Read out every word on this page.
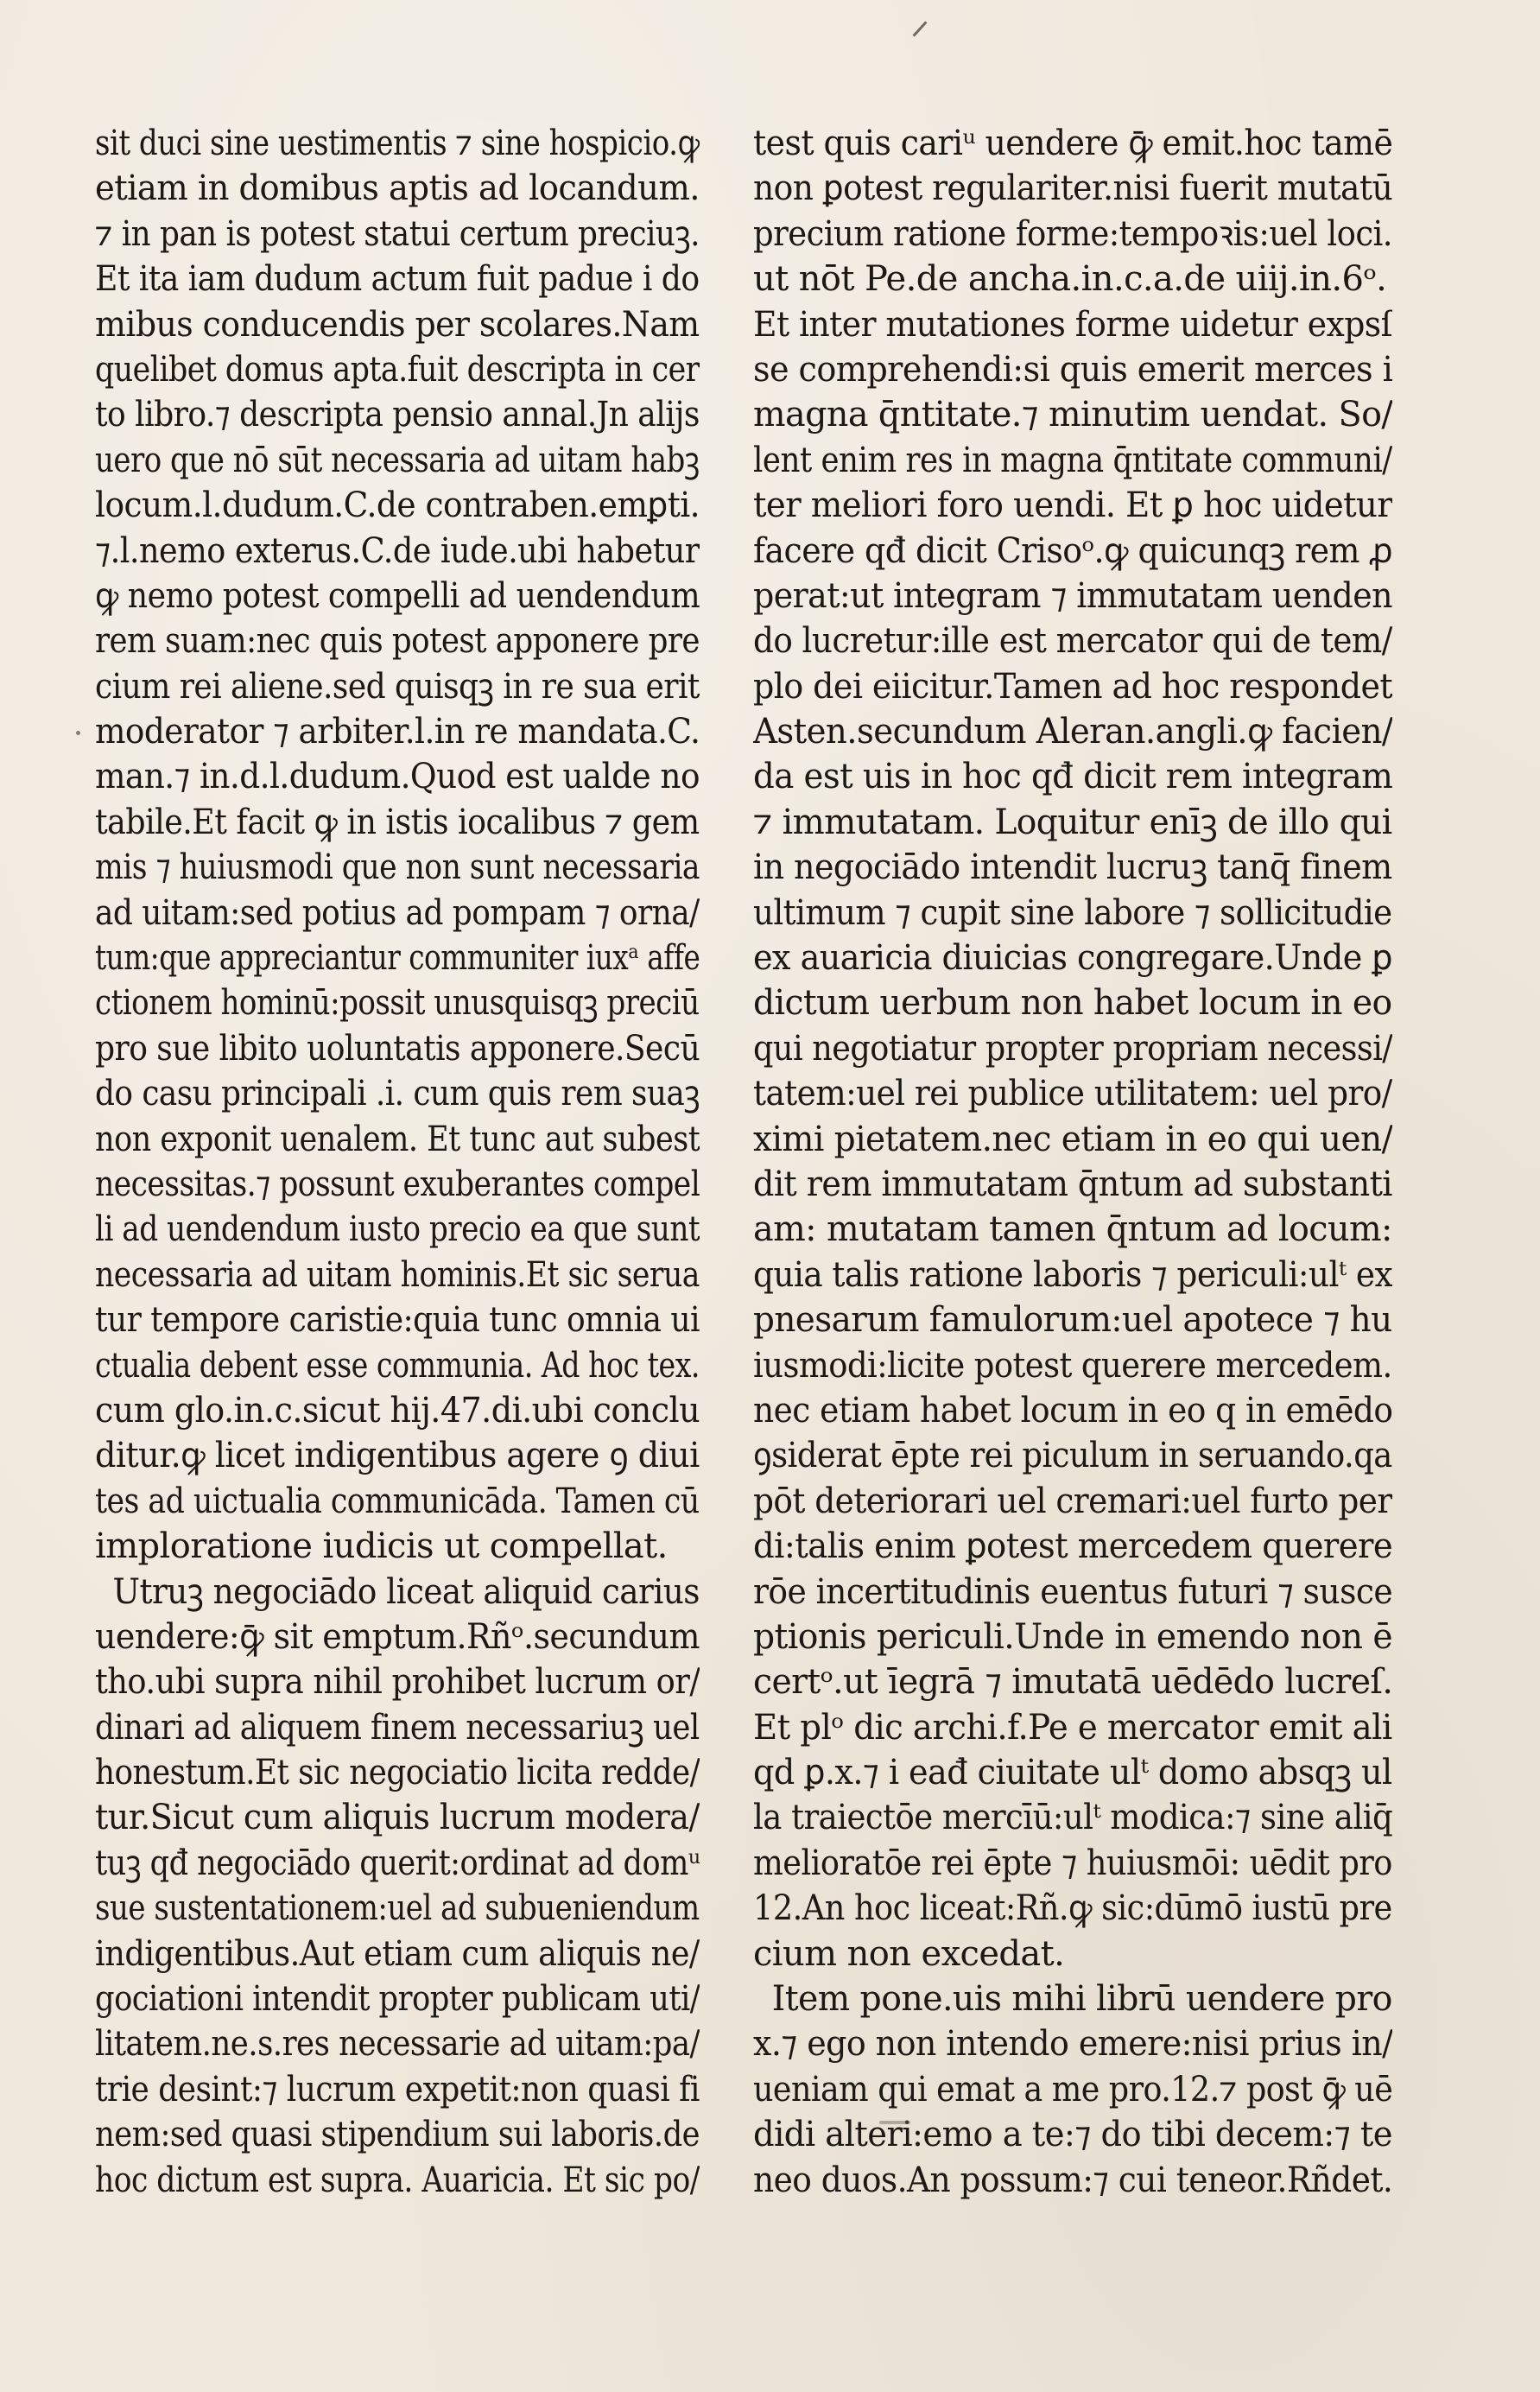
sit duci sine uestimentis ⁊ sine hospicio.ꝙ
etiam in domibus aptis ad locandum.
⁊ in pan is potest statui certum preciuꝫ.
Et ita iam dudum actum fuit padue i do
mibus conducendis per scolares.Nam
quelibet domus apta.fuit descripta in cer
to libro.⁊ descripta pensio annal.Jn alijs
uero que nō sūt necessaria ad uitam habꝫ
locum.l.dudum.C.de contraben.emꝑti.
⁊.l.nemo exterus.C.de iude.ubi habetur
ꝙ nemo potest compelli ad uendendum
rem suam:nec quis potest apponere pre
cium rei aliene.sed quisqꝫ in re sua erit
moderator ⁊ arbiter.l.in re mandata.C.
man.⁊ in.d.l.dudum.Quod est ualde no
tabile.Et facit ꝙ in istis iocalibus ⁊ gem
mis ⁊ huiusmodi que non sunt necessaria
ad uitam:sed potius ad pompam ⁊ orna/
tum:que appreciantur communiter iuxᵃ affe
ctionem hominū:possit unusquisqꝫ preciū
pro sue libito uoluntatis apponere.Secū
do casu principali .i. cum quis rem suaꝫ
non exponit uenalem. Et tunc aut subest
necessitas.⁊ possunt exuberantes compel
li ad uendendum iusto precio ea que sunt
necessaria ad uitam hominis.Et sic serua
tur tempore caristie:quia tunc omnia ui
ctualia debent esse communia. Ad hoc tex.
cum glo.in.c.sicut hij.47.di.ubi conclu
ditur.ꝙ licet indigentibus agere ꝯ diui
tes ad uictualia communicāda. Tamen cū
imploratione iudicis ut compellat.
Utruꝫ negociādo liceat aliquid carius
uendere:ꝙ̄ sit emptum.Rñᵒ.secundum
tho.ubi supra nihil prohibet lucrum or/
dinari ad aliquem finem necessariuꝫ uel
honestum.Et sic negociatio licita redde/
tur.Sicut cum aliquis lucrum modera/
tuꝫ qđ negociādo querit:ordinat ad domᵘ
sue sustentationem:uel ad subueniendum
indigentibus.Aut etiam cum aliquis ne/
gociationi intendit propter publicam uti/
litatem.ne.s.res necessarie ad uitam:pa/
trie desint:⁊ lucrum expetit:non quasi fi
nem:sed quasi stipendium sui laboris.de
hoc dictum est supra. Auaricia. Et sic po/
test quis cariᵘ uendere ꝙ̄ emit.hoc tamē
non ꝑotest regulariter.nisi fuerit mutatū
precium ratione forme:tempoꝛis:uel loci.
ut nōt Pe.de ancha.in.c.a.de uiij.in.6ᵒ.
Et inter mutationes forme uidetur expsſ
se comprehendi:si quis emerit merces i
magna q̄ntitate.⁊ minutim uendat. So/
lent enim res in magna q̄ntitate communi/
ter meliori foro uendi. Et ꝑ hoc uidetur
facere qđ dicit Crisoᵒ.ꝙ quicunqꝫ rem ꝓ
perat:ut integram ⁊ immutatam uenden
do lucretur:ille est mercator qui de tem/
plo dei eiicitur.Tamen ad hoc respondet
Asten.secundum Aleran.angli.ꝙ facien/
da est uis in hoc qđ dicit rem integram
⁊ immutatam. Loquitur enīꝫ de illo qui
in negociādo intendit lucruꝫ tanq̄ finem
ultimum ⁊ cupit sine labore ⁊ sollicitudie
ex auaricia diuicias congregare.Unde ꝑ
dictum uerbum non habet locum in eo
qui negotiatur propter propriam necessi/
tatem:uel rei publice utilitatem: uel pro/
ximi pietatem.nec etiam in eo qui uen/
dit rem immutatam q̄ntum ad substanti
am: mutatam tamen q̄ntum ad locum:
quia talis ratione laboris ⁊ periculi:ulᵗ ex
pnesarum famulorum:uel apotece ⁊ hu
iusmodi:licite potest querere mercedem.
nec etiam habet locum in eo q in emēdo
ꝯsiderat ēpte rei piculum in seruando.qa
pōt deteriorari uel cremari:uel furto per
di:talis enim ꝑotest mercedem querere
rōe incertitudinis euentus futuri ⁊ susce
ptionis periculi.Unde in emendo non ē
certᵒ.ut īegrā ⁊ imutatā uēdēdo lucreſ.
Et plᵒ dic archi.f.Pe e mercator emit ali
qd ꝑ.x.⁊ i eađ ciuitate ulᵗ domo absqꝫ ul
la traiectōe mercīū:ulᵗ modica:⁊ sine aliq̄
melioratōe rei ēpte ⁊ huiusmōi: uēdit pro
12.An hoc liceat:Rñ.ꝙ sic:dūmō iustū pre
cium non excedat.
Item pone.uis mihi librū uendere pro
x.⁊ ego non intendo emere:nisi prius in/
ueniam qui emat a me pro.12.⁊ post ꝙ̄ uē
didi alteri:emo a te:⁊ do tibi decem:⁊ te
neo duos.An possum:⁊ cui teneor.Rñdet.
